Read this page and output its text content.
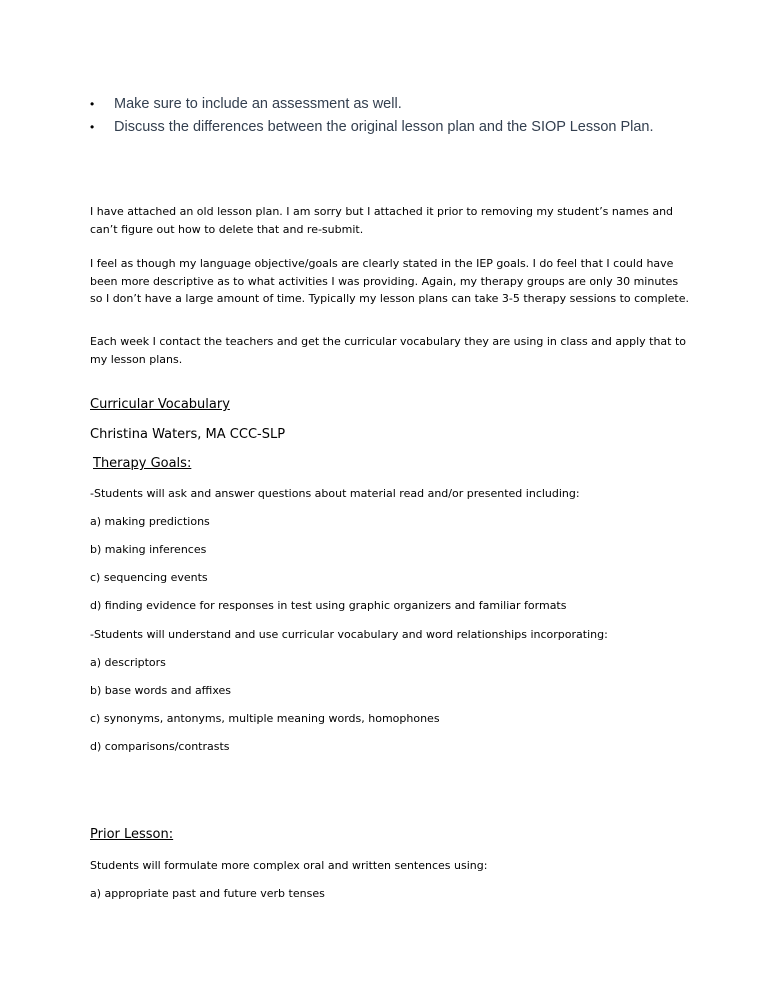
• Make sure to include an assessment as well.
• Discuss the differences between the original lesson plan and the SIOP Lesson Plan.

I have attached an old lesson plan. I am sorry but I attached it prior to removing my student’s names and can’t figure out how to delete that and re-submit.

I feel as though my language objective/goals are clearly stated in the IEP goals. I do feel that I could have been more descriptive as to what activities I was providing. Again, my therapy groups are only 30 minutes so I don’t have a large amount of time. Typically my lesson plans can take 3-5 therapy sessions to complete.

Each week I contact the teachers and get the curricular vocabulary they are using in class and apply that to my lesson plans.

Curricular Vocabulary
Christina Waters, MA CCC-SLP
Therapy Goals:
-Students will ask and answer questions about material read and/or presented including:
a) making predictions
b) making inferences
c) sequencing events
d) finding evidence for responses in test using graphic organizers and familiar formats
-Students will understand and use curricular vocabulary and word relationships incorporating:
a) descriptors
b) base words and affixes
c) synonyms, antonyms, multiple meaning words, homophones
d) comparisons/contrasts
Prior Lesson:
Students will formulate more complex oral and written sentences using:
a) appropriate past and future verb tenses
